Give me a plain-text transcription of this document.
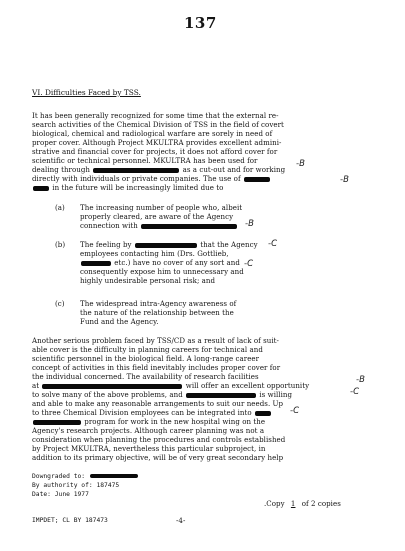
137
VI. Difficulties Faced by TSS.
It has been generally recognized for some time that the external re-
search activities of the Chemical Division of TSS in the field of covert
biological, chemical and radiological warfare are sorely in need of
proper cover. Although Project MKULTRA provides excellent admini-
strative and financial cover for projects, it does not afford cover for
scientific or technical personnel. MKULTRA has been used for
dealing through	as a cut-out and for working
directly with individuals or private companies. The use of
in the future will be increasingly limited due to
(a) The increasing number of people who, albeit
properly cleared, are aware of the Agency
connection with
(b) The feeling by	that the Agency
employees contacting him (Drs. Gottlieb,
etc.) have no cover of any sort and
consequently expose him to unnecessary and
highly undesirable personal risk; and
(c) The widespread intra-Agency awareness of
the nature of the relationship between the
Fund and the Agency.
Another serious problem faced by TSS/CD as a result of lack of suit-
able cover is the difficulty in planning careers for technical and
scientific personnel in the biological field. A long-range career
concept of activities in this field inevitably includes proper cover for
the individual concerned. The availability of research facilities
at	will offer an excellent opportunity
to solve many of the above problems, and	is willing
and able to make any reasonable arrangements to suit our needs. Up
to three Chemical Division employees can be integrated into
program for work in the new hospital wing on the
Agency's research projects. Although career planning was not a
consideration when planning the procedures and controls established
by Project MKULTRA, nevertheless this particular subproject, in
addition to its primary objective, will be of very great secondary help
-B
-B
-B
-C
-C
-B
-C
-C
Downgraded to:
By authority of: 187475
Date: June 1977
IMPDET; CL BY 187473	-4-
.Copy 1 of 2 copies
